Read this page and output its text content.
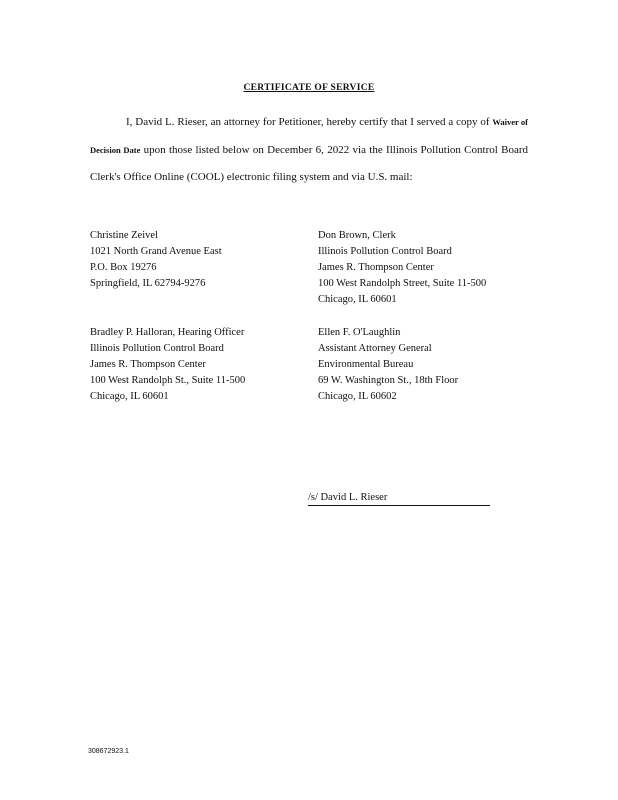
CERTIFICATE OF SERVICE
I, David L. Rieser, an attorney for Petitioner, hereby certify that I served a copy of Waiver of Decision Date upon those listed below on December 6, 2022 via the Illinois Pollution Control Board Clerk's Office Online (COOL) electronic filing system and via U.S. mail:
Christine Zeivel
1021 North Grand Avenue East
P.O. Box 19276
Springfield, IL 62794-9276
Don Brown, Clerk
Illinois Pollution Control Board
James R. Thompson Center
100 West Randolph Street, Suite 11-500
Chicago, IL 60601
Bradley P. Halloran, Hearing Officer
Illinois Pollution Control Board
James R. Thompson Center
100 West Randolph St., Suite 11-500
Chicago, IL 60601
Ellen F. O'Laughlin
Assistant Attorney General
Environmental Bureau
69 W. Washington St., 18th Floor
Chicago, IL 60602
/s/ David L. Rieser
308672923.1
